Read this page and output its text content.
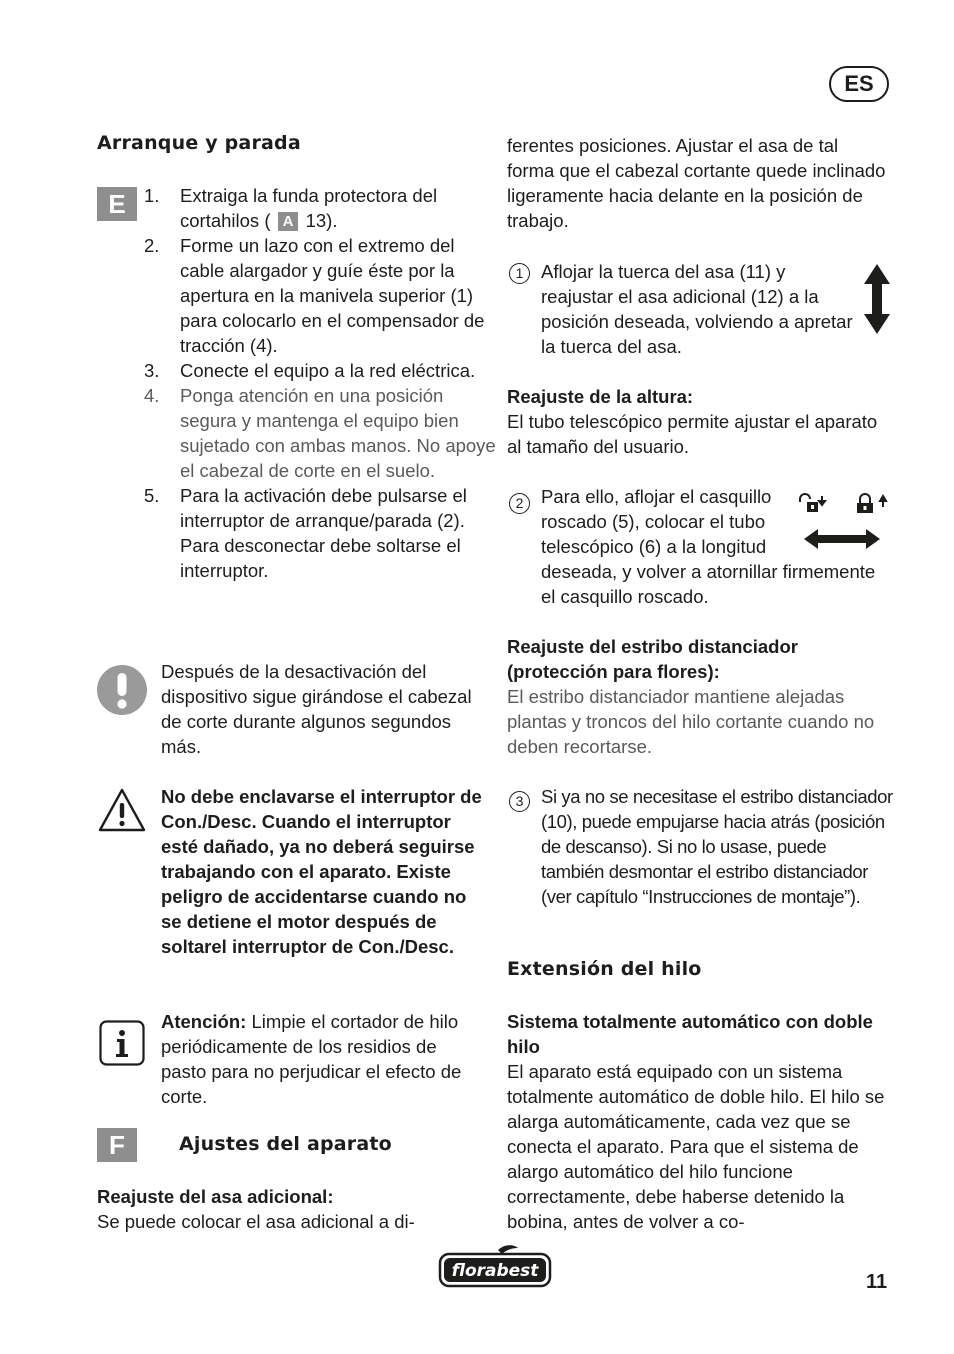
ES
Arranque y parada
E 1. Extraiga la funda protectora del cortahilos ( A 13).
2. Forme un lazo con el extremo del cable alargador y guíe éste por la apertura en la manivela superior (1) para colocarlo en el compensador de tracción (4).
3. Conecte el equipo a la red eléctrica.
4. Ponga atención en una posición segura y mantenga el equipo bien sujetado con ambas manos. No apoye el cabezal de corte en el suelo.
5. Para la activación debe pulsarse el interruptor de arranque/parada (2). Para desconectar debe soltarse el interruptor.
Después de la desactivación del dispositivo sigue girándose el cabezal de corte durante algunos segundos más.
No debe enclavarse el interruptor de Con./Desc. Cuando el interruptor esté dañado, ya no deberá seguirse trabajando con el aparato. Existe peligro de accidentarse cuando no se detiene el motor después de soltarel interruptor de Con./Desc.
Atención: Limpie el cortador de hilo periódicamente de los residios de pasto para no perjudicar el efecto de corte.
F	Ajustes del aparato
Reajuste del asa adicional:
Se puede colocar el asa adicional a di-
ferentes posiciones. Ajustar el asa de tal forma que el cabezal cortante quede inclinado ligeramente hacia delante en la posición de trabajo.
1 Aflojar la tuerca del asa (11) y reajustar el asa adicional (12) a la posición deseada, volviendo a apretar la tuerca del asa.
Reajuste de la altura:
El tubo telescópico permite ajustar el aparato al tamaño del usuario.
2 Para ello, aflojar el casquillo roscado (5), colocar el tubo telescópico (6) a la longitud deseada, y volver a atornillar firmemente el casquillo roscado.
Reajuste del estribo distanciador (protección para flores):
El estribo distanciador mantiene alejadas plantas y troncos del hilo cortante cuando no deben recortarse.
3 Si ya no se necesitase el estribo distanciador (10), puede empujarse hacia atrás (posición de descanso). Si no lo usase, puede también desmontar el estribo distanciador (ver capítulo “Instrucciones de montaje”).
Extensión del hilo
Sistema totalmente automático con doble hilo
El aparato está equipado con un sistema totalmente automático de doble hilo. El hilo se alarga automáticamente, cada vez que se conecta el aparato. Para que el sistema de alargo automático del hilo funcione correctamente, debe haberse detenido la bobina, antes de volver a co-
florabest	11
